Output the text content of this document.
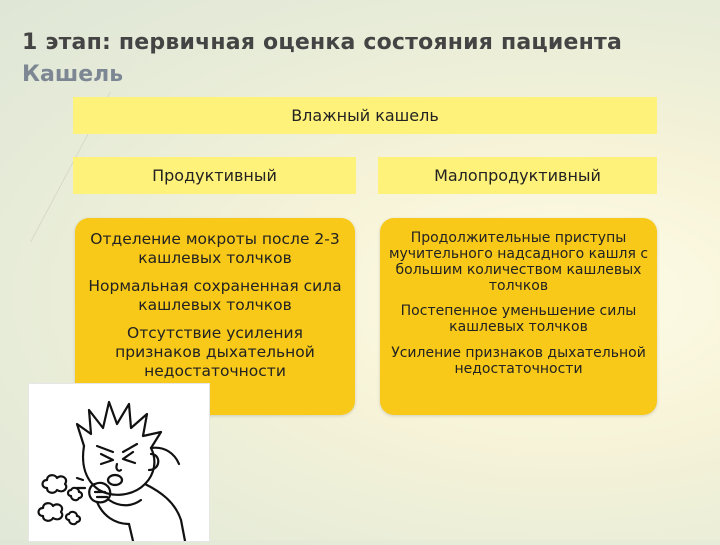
1 этап: первичная оценка состояния пациента
Кашель
Влажный кашель
Продуктивный	Малопродуктивный

Отделение мокроты после 2-3 кашлевых толчков

Нормальная сохраненная сила кашлевых толчков

Отсутствие усиления признаков дыхательной недостаточности

Продолжительные приступы мучительного надсадного кашля с большим количеством кашлевых толчков

Постепенное уменьшение силы кашлевых толчков

Усиление признаков дыхательной недостаточности
